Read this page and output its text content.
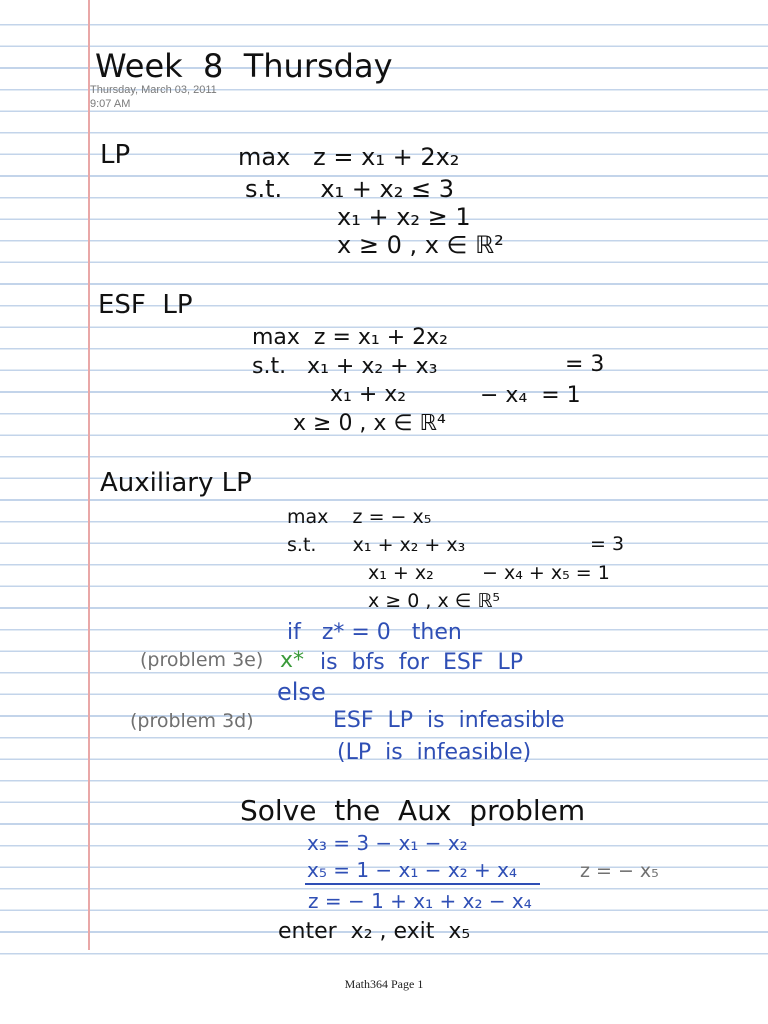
Week  8  Thursday
Thursday, March 03, 2011
9:07 AM
LP	max   z = x₁ + 2x₂
s.t.     x₁ + x₂ ≤ 3
x₁ + x₂ ≥ 1
x ≥ 0 , x ∈ ℝ²
ESF  LP
max  z = x₁ + 2x₂
s.t.   x₁ + x₂ + x₃	= 3
x₁ + x₂	− x₄  = 1
x ≥ 0 , x ∈ ℝ⁴
Auxiliary LP
max    z = − x₅
s.t.      x₁ + x₂ + x₃	= 3
x₁ + x₂        − x₄ + x₅ = 1
x ≥ 0 , x ∈ ℝ⁵
if   z* = 0   then
(problem 3e) x* is  bfs  for  ESF  LP
else
(problem 3d)	ESF  LP  is  infeasible
(LP  is  infeasible)
Solve  the  Aux  problem
x₃ = 3 − x₁ − x₂
x₅ = 1 − x₁ − x₂ + x₄	z = − x₅
z = − 1 + x₁ + x₂ − x₄
enter  x₂ , exit  x₅
Math364 Page 1
